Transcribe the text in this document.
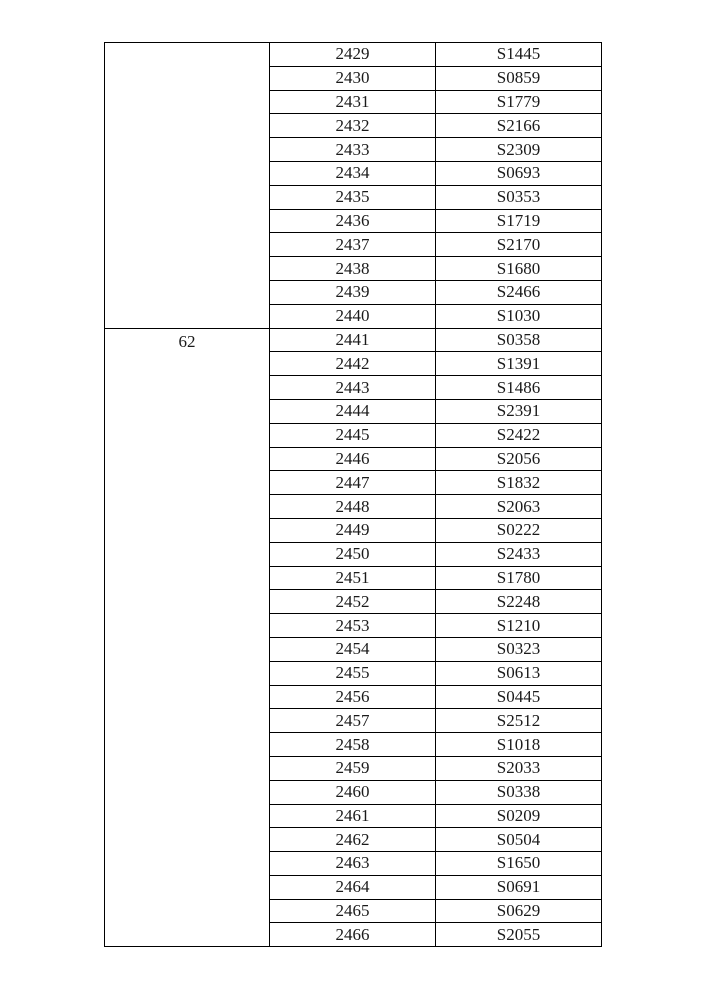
	2429	S1445
	2430	S0859
	2431	S1779
	2432	S2166
	2433	S2309
	2434	S0693
	2435	S0353
	2436	S1719
	2437	S2170
	2438	S1680
	2439	S2466
	2440	S1030

62	2441	S0358
	2442	S1391
	2443	S1486
	2444	S2391
	2445	S2422
	2446	S2056
	2447	S1832
	2448	S2063
	2449	S0222
	2450	S2433
	2451	S1780
	2452	S2248
	2453	S1210
	2454	S0323
	2455	S0613
	2456	S0445
	2457	S2512
	2458	S1018
	2459	S2033
	2460	S0338
	2461	S0209
	2462	S0504
	2463	S1650
	2464	S0691
	2465	S0629
	2466	S2055
